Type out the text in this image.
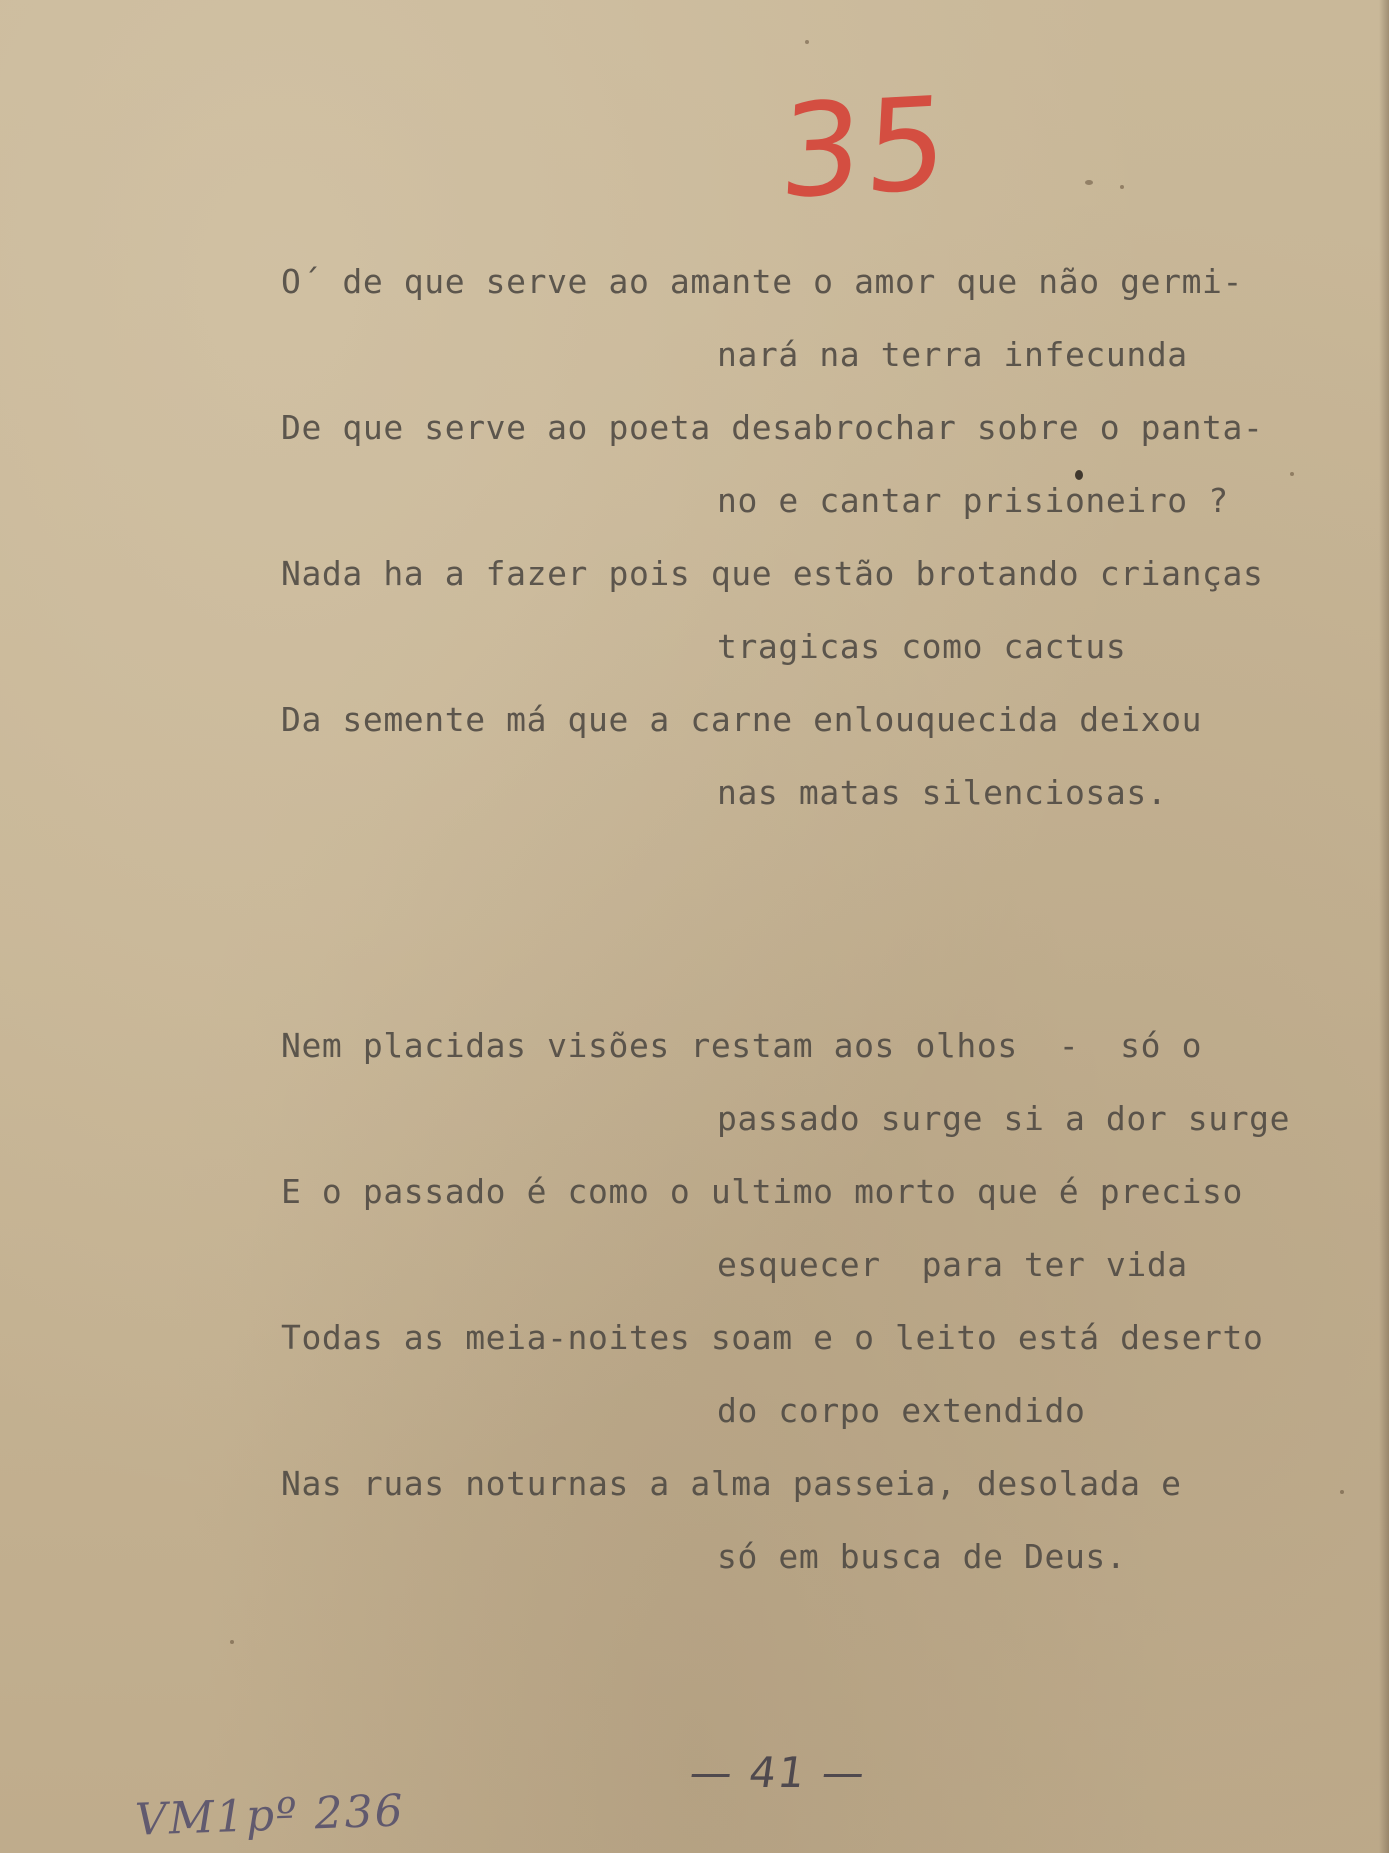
35
O´ de que serve ao amante o amor que não germi-
nará na terra infecunda
De que serve ao poeta desabrochar sobre o panta-
no e cantar prisioneiro ?
Nada ha a fazer pois que estão brotando crianças
tragicas como cactus
Da semente má que a carne enlouquecida deixou
nas matas silenciosas.
Nem placidas visões restam aos olhos  -  só o
passado surge si a dor surge
E o passado é como o ultimo morto que é preciso
esquecer  para ter vida
Todas as meia-noites soam e o leito está deserto
do corpo extendido
Nas ruas noturnas a alma passeia, desolada e
só em busca de Deus.
— 41 —
VM1pº 236
